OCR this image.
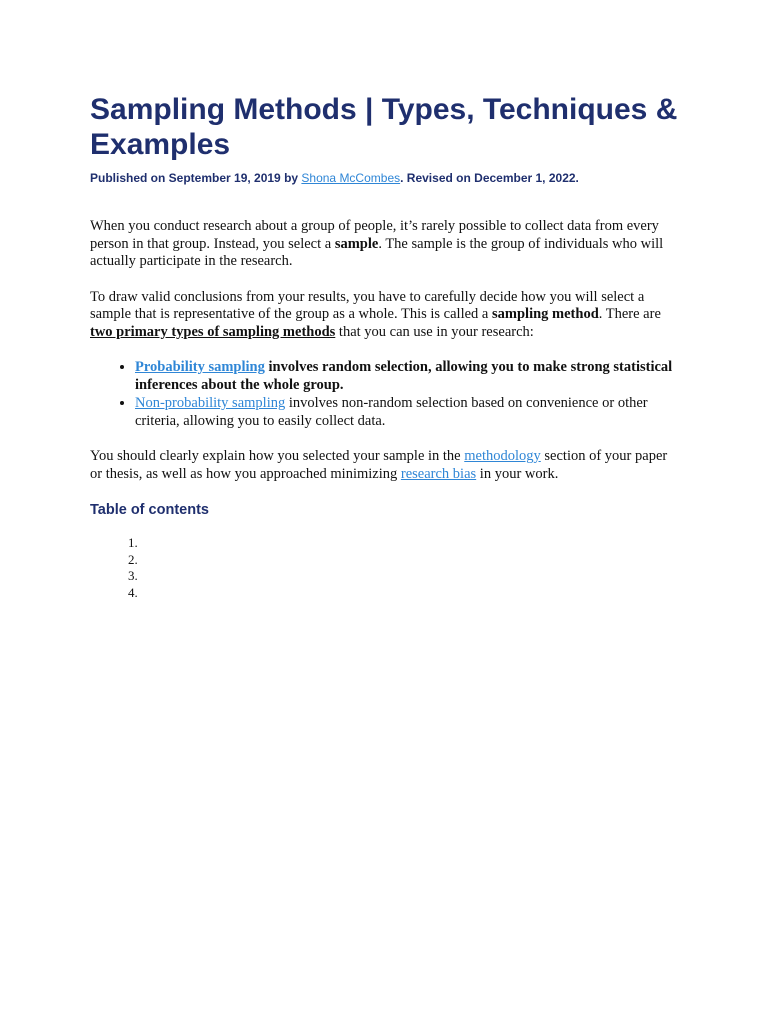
Sampling Methods | Types, Techniques & Examples
Published on September 19, 2019 by Shona McCombes. Revised on December 1, 2022.

When you conduct research about a group of people, it’s rarely possible to collect data from every person in that group. Instead, you select a sample. The sample is the group of individuals who will actually participate in the research.

To draw valid conclusions from your results, you have to carefully decide how you will select a sample that is representative of the group as a whole. This is called a sampling method. There are two primary types of sampling methods that you can use in your research:

• Probability sampling involves random selection, allowing you to make strong statistical inferences about the whole group.
• Non-probability sampling involves non-random selection based on convenience or other criteria, allowing you to easily collect data.

You should clearly explain how you selected your sample in the methodology section of your paper or thesis, as well as how you approached minimizing research bias in your work.

Table of contents
1.
2.
3.
4.
